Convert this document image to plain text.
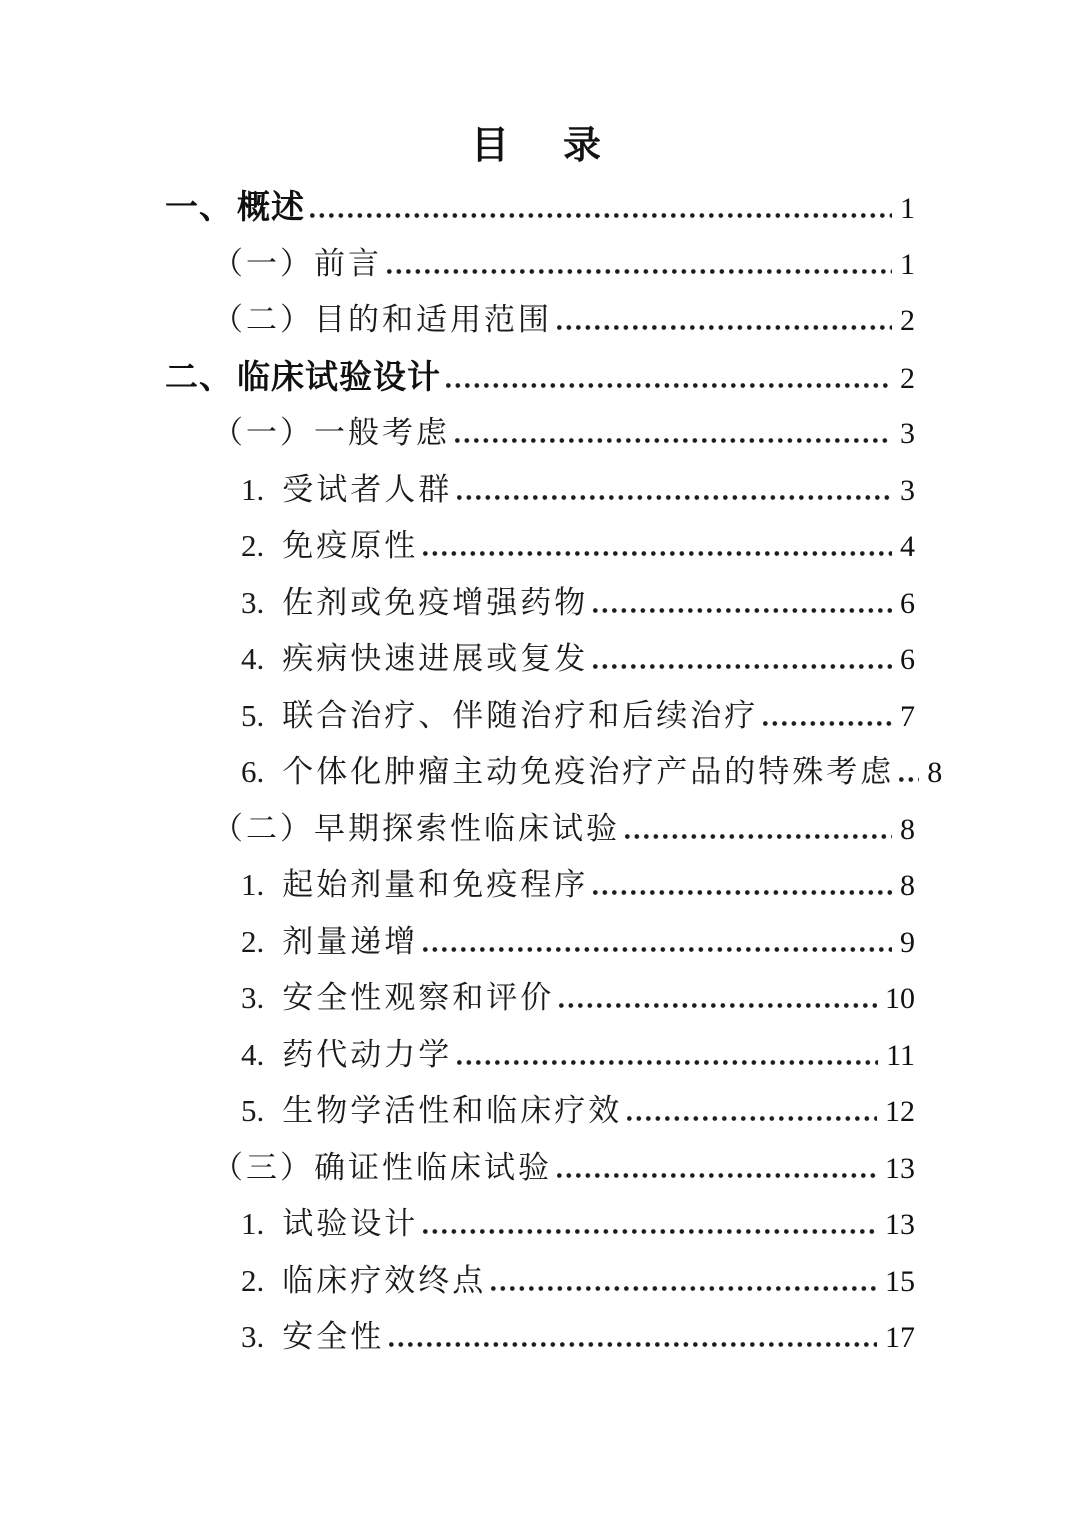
目　录
一、 概述	1
（一） 前言	1
（二） 目的和适用范围	2
二、 临床试验设计	2
（一） 一般考虑	3
1. 受试者人群	3
2. 免疫原性	4
3. 佐剂或免疫增强药物	6
4. 疾病快速进展或复发	6
5. 联合治疗、伴随治疗和后续治疗	7
6. 个体化肿瘤主动免疫治疗产品的特殊考虑 8
（二） 早期探索性临床试验	8
1. 起始剂量和免疫程序	8
2. 剂量递增	9
3. 安全性观察和评价	10
4. 药代动力学	11
5. 生物学活性和临床疗效	12
（三） 确证性临床试验	13
1. 试验设计	13
2. 临床疗效终点	15
3. 安全性	17
